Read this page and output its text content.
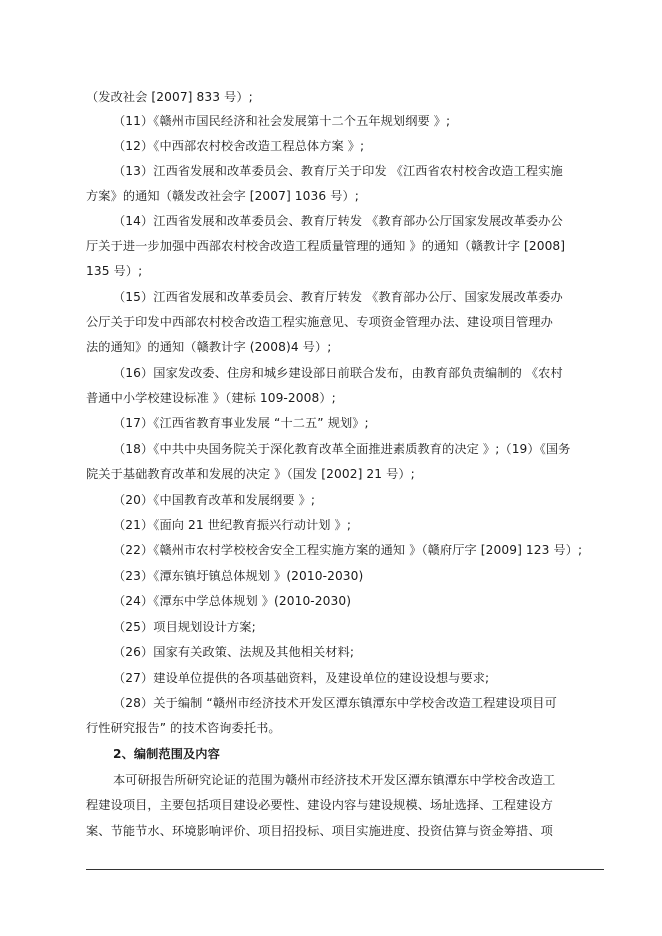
（发改社会 [2007] 833 号）;
（11）《赣州市国民经济和社会发展第十二个五年规划纲要 》;
（12）《中西部农村校舍改造工程总体方案 》;
（13）江西省发展和改革委员会、教育厅关于印发 《江西省农村校舍改造工程实施
方案》的通知（赣发改社会字 [2007] 1036 号）;
（14）江西省发展和改革委员会、教育厅转发 《教育部办公厅国家发展改革委办公
厅关于进一步加强中西部农村校舍改造工程质量管理的通知 》的通知（赣教计字 [2008]
135 号）;
（15）江西省发展和改革委员会、教育厅转发 《教育部办公厅、国家发展改革委办
公厅关于印发中西部农村校舍改造工程实施意见、专项资金管理办法、建设项目管理办
法的通知》的通知（赣教计字 (2008)4 号）;
（16）国家发改委、住房和城乡建设部日前联合发布，由教育部负责编制的 《农村
普通中小学校建设标准 》（建标 109-2008）;
（17）《江西省教育事业发展 “十二五” 规划》;
（18）《中共中央国务院关于深化教育改革全面推进素质教育的决定 》;（19）《国务
院关于基础教育改革和发展的决定 》（国发 [2002] 21 号）;
（20）《中国教育改革和发展纲要 》;
（21）《面向 21 世纪教育振兴行动计划 》;
（22）《赣州市农村学校校舍安全工程实施方案的通知 》（赣府厅字 [2009] 123 号）;
（23）《潭东镇圩镇总体规划 》(2010-2030)
（24）《潭东中学总体规划 》(2010-2030)
（25）项目规划设计方案;
（26）国家有关政策、法规及其他相关材料;
（27）建设单位提供的各项基础资料，及建设单位的建设设想与要求;
（28）关于编制 “赣州市经济技术开发区潭东镇潭东中学校舍改造工程建设项目可
行性研究报告” 的技术咨询委托书。
2、编制范围及内容
本可研报告所研究论证的范围为赣州市经济技术开发区潭东镇潭东中学校舍改造工
程建设项目，主要包括项目建设必要性、建设内容与建设规模、场址选择、工程建设方
案、节能节水、环境影响评价、项目招投标、项目实施进度、投资估算与资金筹措、项
